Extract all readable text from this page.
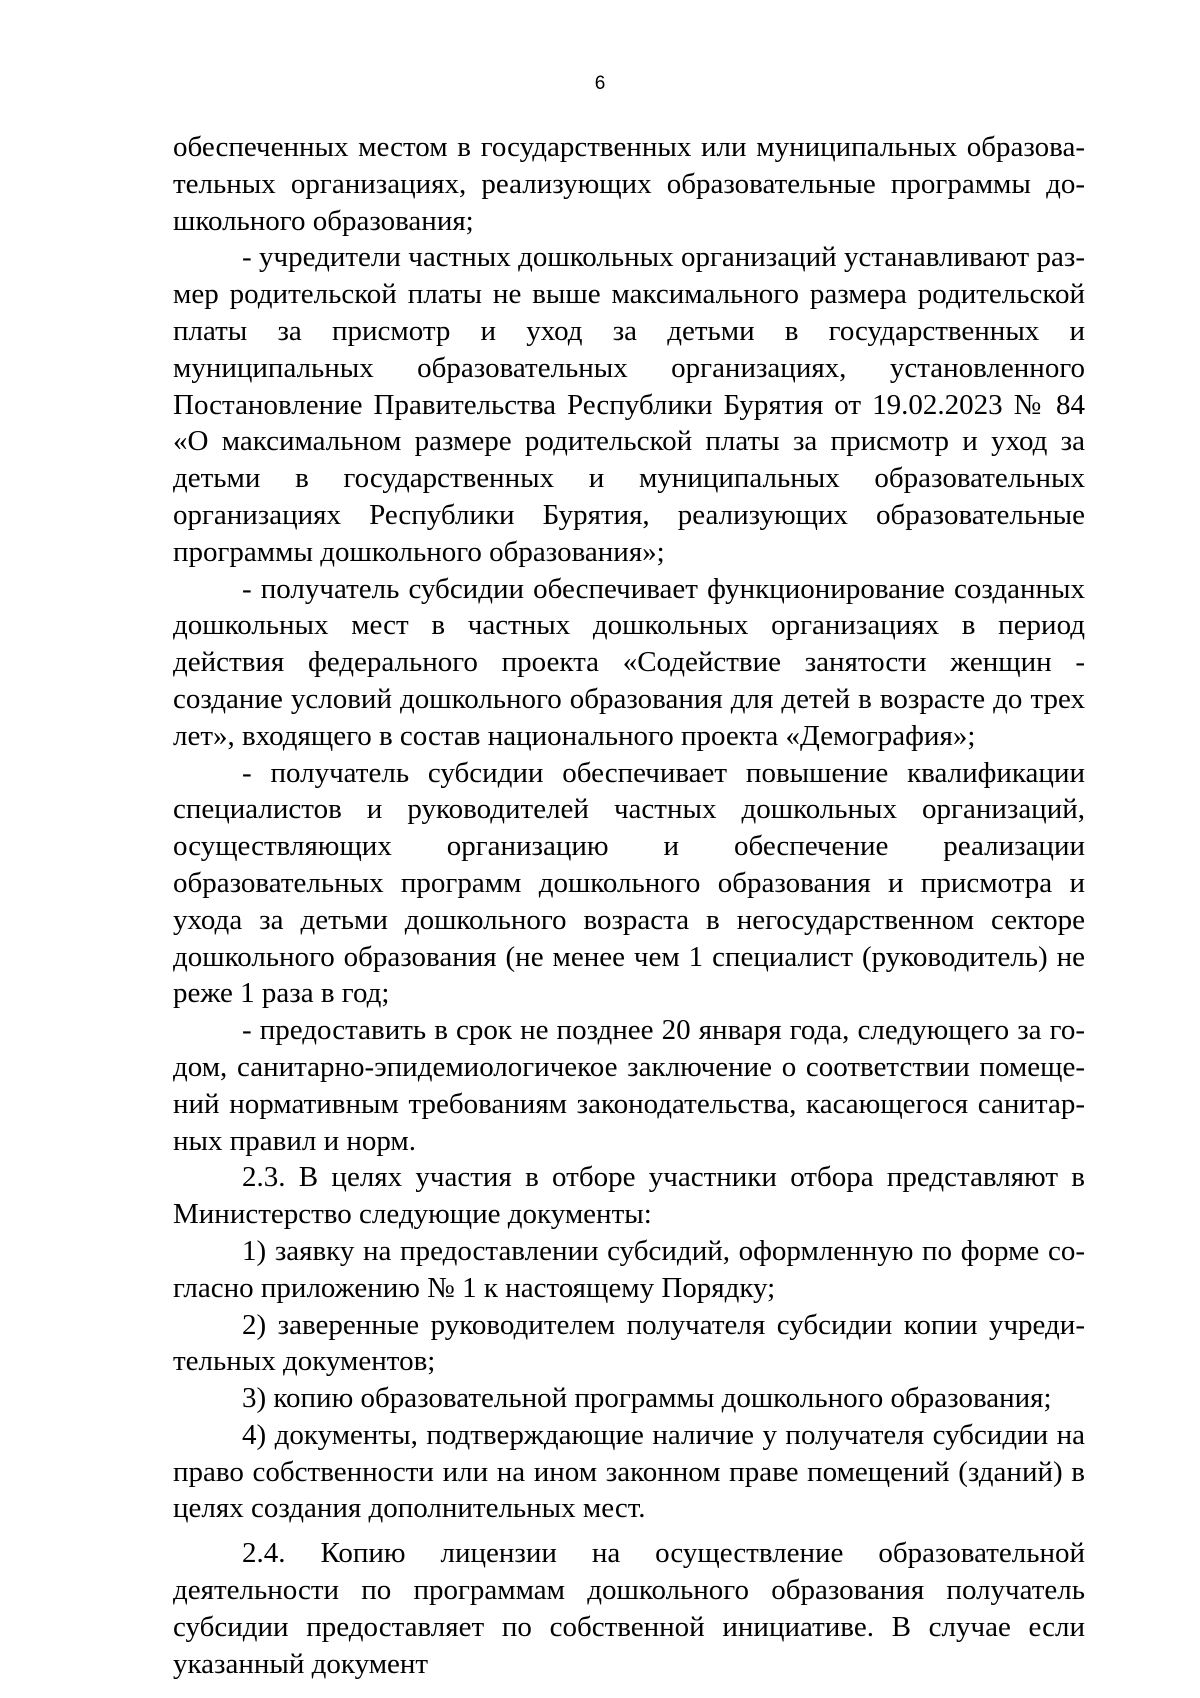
6

обеспеченных местом в государственных или муниципальных образовательных организациях, реализующих образовательные программы дошкольного образования;

- учредители частных дошкольных организаций устанавливают размер родительской платы не выше максимального размера родительской платы за присмотр и уход за детьми в государственных и муниципальных образовательных организациях, установленного Постановление Правительства Республики Бурятия от 19.02.2023 № 84 «О максимальном размере родительской платы за присмотр и уход за детьми в государственных и муниципальных образовательных организациях Республики Бурятия, реализующих образовательные программы дошкольного образования»;

- получатель субсидии обеспечивает функционирование созданных дошкольных мест в частных дошкольных организациях в период действия федерального проекта «Содействие занятости женщин - создание условий дошкольного образования для детей в возрасте до трех лет», входящего в состав национального проекта «Демография»;

- получатель субсидии обеспечивает повышение квалификации специалистов и руководителей частных дошкольных организаций, осуществляющих организацию и обеспечение реализации образовательных программ дошкольного образования и присмотра и ухода за детьми дошкольного возраста в негосударственном секторе дошкольного образования (не менее чем 1 специалист (руководитель) не реже 1 раза в год;

- предоставить в срок не позднее 20 января года, следующего за годом, санитарно-эпидемиологичекое заключение о соответствии помещений нормативным требованиям законодательства, касающегося санитарных правил и норм.

2.3. В целях участия в отборе участники отбора представляют в Министерство следующие документы:

1) заявку на предоставлении субсидий, оформленную по форме согласно приложению № 1 к настоящему Порядку;

2) заверенные руководителем получателя субсидии копии учредительных документов;

3) копию образовательной программы дошкольного образования;

4) документы, подтверждающие наличие у получателя субсидии на право собственности или на ином законном праве помещений (зданий) в целях создания дополнительных мест.

2.4. Копию лицензии на осуществление образовательной деятельности по программам дошкольного образования получатель субсидии предоставляет по собственной инициативе. В случае если указанный документ
